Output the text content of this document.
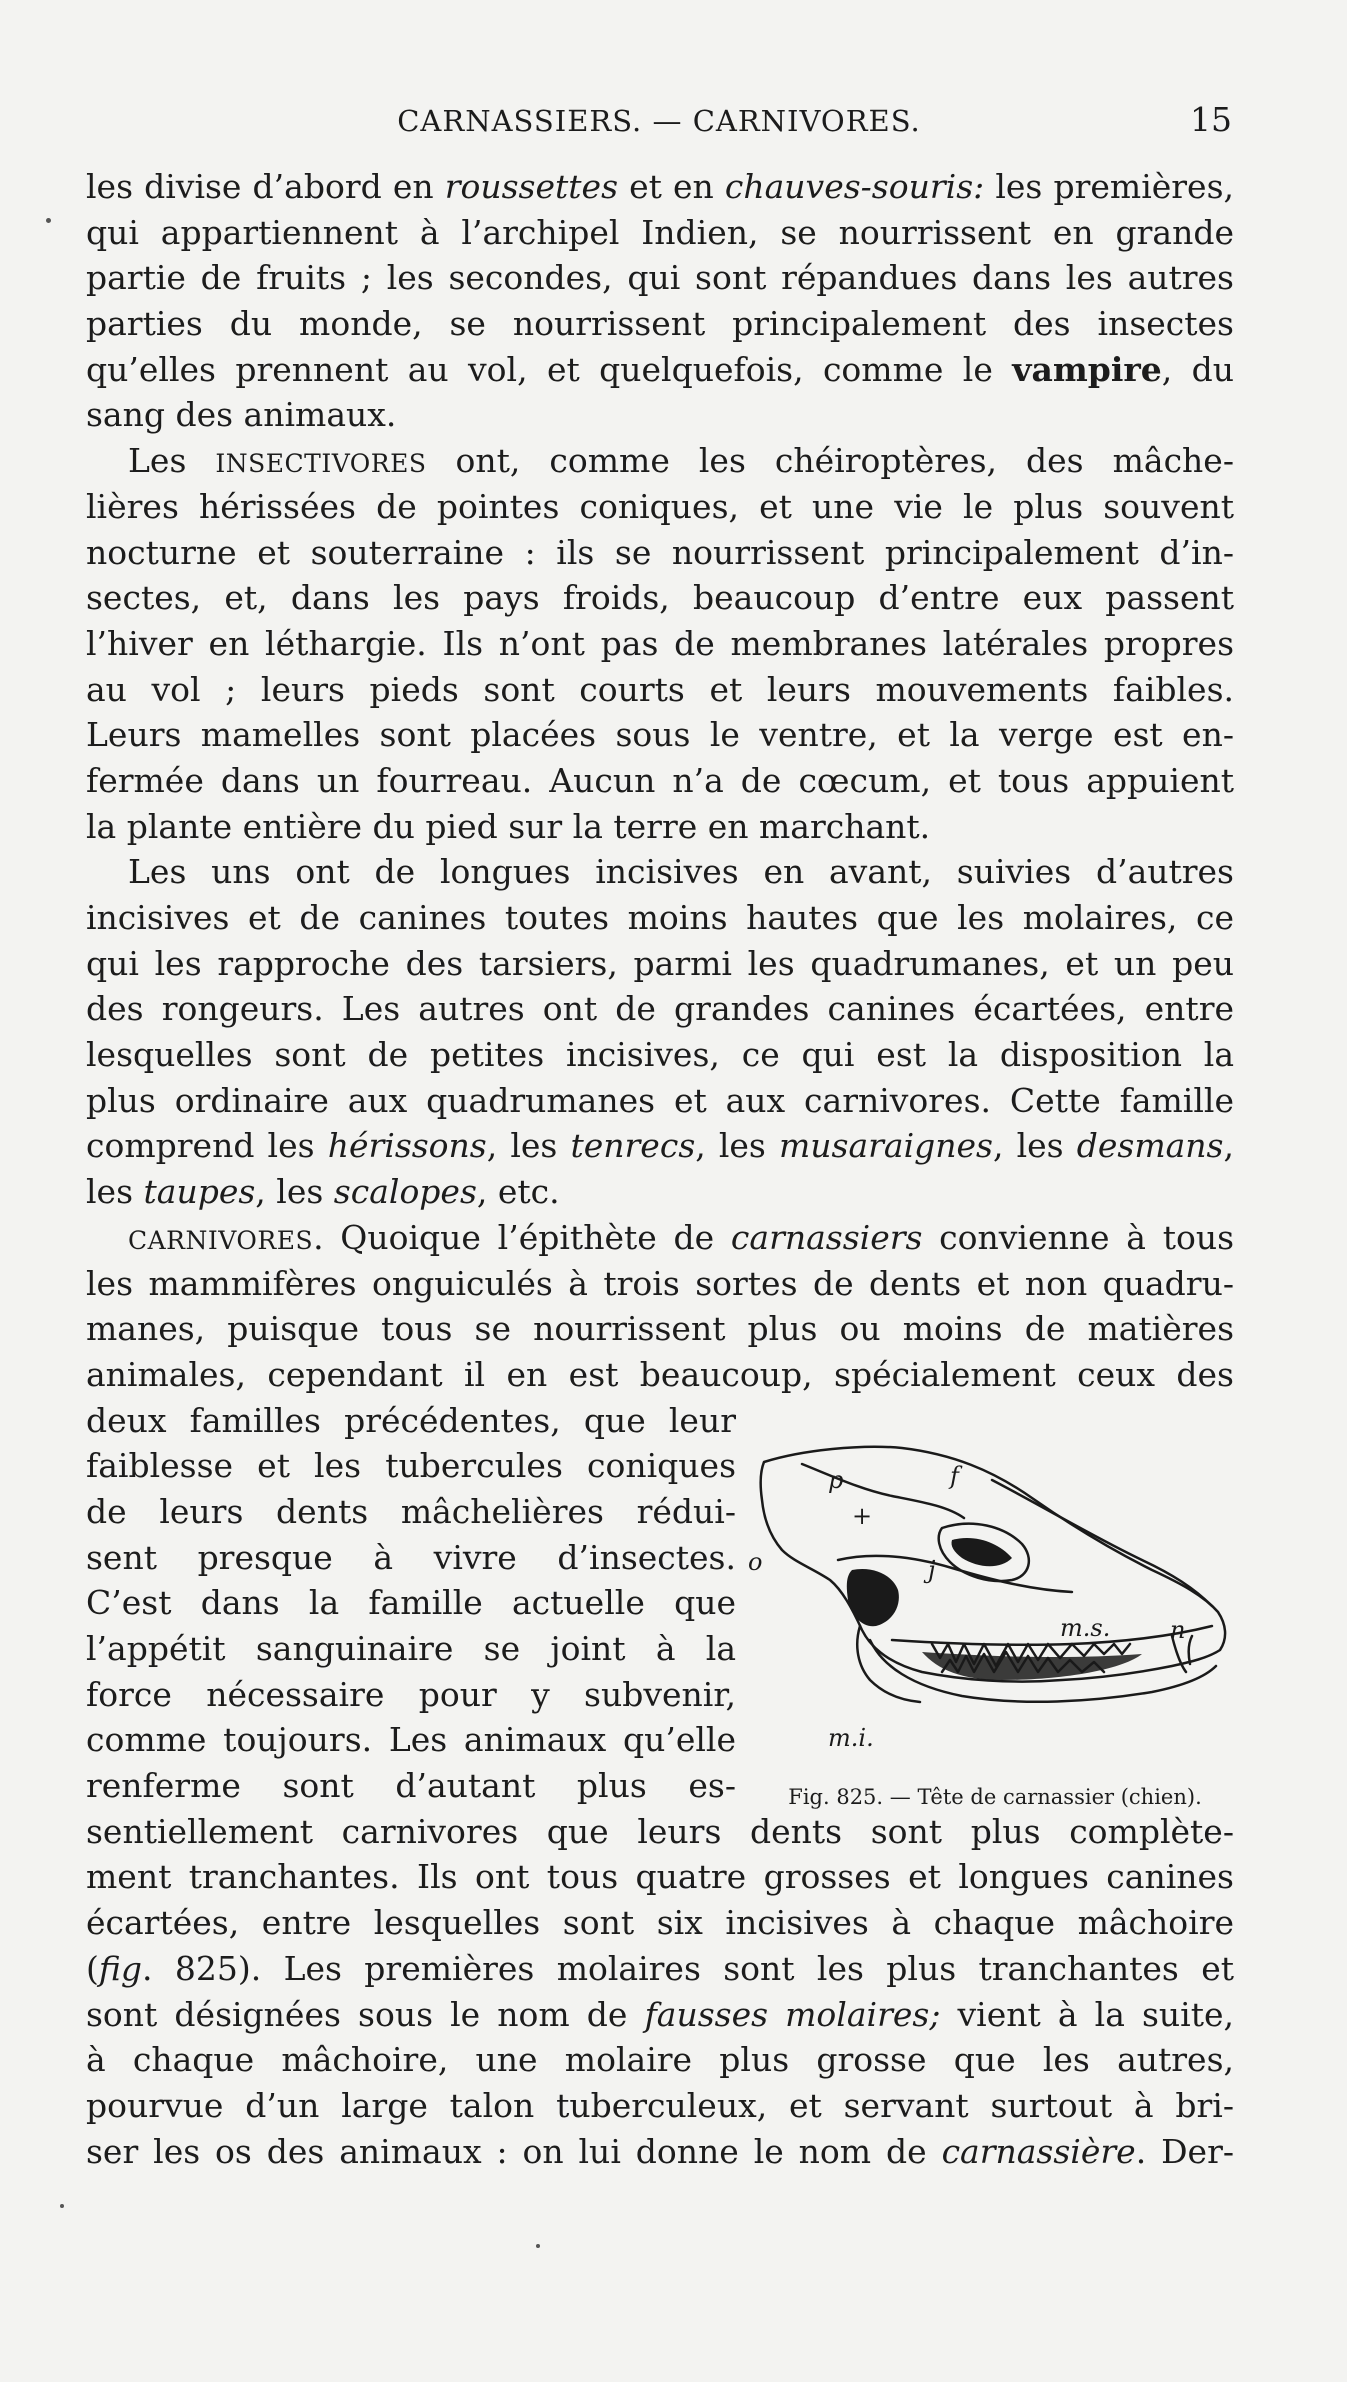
CARNASSIERS. — CARNIVORES.	15
les divise d’abord en roussettes et en chauves-souris: les premières,
qui appartiennent à l’archipel Indien, se nourrissent en grande
partie de fruits ; les secondes, qui sont répandues dans les autres
parties du monde, se nourrissent principalement des insectes
qu’elles prennent au vol, et quelquefois, comme le vampire, du
sang des animaux.
Les INSECTIVORES ont, comme les chéiroptères, des mâche-
lières hérissées de pointes coniques, et une vie le plus souvent
nocturne et souterraine : ils se nourrissent principalement d’in-
sectes, et, dans les pays froids, beaucoup d’entre eux passent
l’hiver en léthargie. Ils n’ont pas de membranes latérales propres
au vol ; leurs pieds sont courts et leurs mouvements faibles.
Leurs mamelles sont placées sous le ventre, et la verge est en-
fermée dans un fourreau. Aucun n’a de cœcum, et tous appuient
la plante entière du pied sur la terre en marchant.
Les uns ont de longues incisives en avant, suivies d’autres
incisives et de canines toutes moins hautes que les molaires, ce
qui les rapproche des tarsiers, parmi les quadrumanes, et un peu
des rongeurs. Les autres ont de grandes canines écartées, entre
lesquelles sont de petites incisives, ce qui est la disposition la
plus ordinaire aux quadrumanes et aux carnivores. Cette famille
comprend les hérissons, les tenrecs, les musaraignes, les desmans,
les taupes, les scalopes, etc.
CARNIVORES. Quoique l’épithète de carnassiers convienne à tous
les mammifères onguiculés à trois sortes de dents et non quadru-
manes, puisque tous se nourrissent plus ou moins de matières
animales, cependant il en est beaucoup, spécialement ceux des
deux familles précédentes, que leur
faiblesse et les tubercules coniques
de leurs dents mâchelières rédui-
sent presque à vivre d’insectes.
C’est dans la famille actuelle que
l’appétit sanguinaire se joint à la
force nécessaire pour y subvenir,
comme toujours. Les animaux qu’elle
renferme sont d’autant plus es-
sentiellement carnivores que leurs dents sont plus complète-
ment tranchantes. Ils ont tous quatre grosses et longues canines
écartées, entre lesquelles sont six incisives à chaque mâchoire
(fig. 825). Les premières molaires sont les plus tranchantes et
sont désignées sous le nom de fausses molaires; vient à la suite,
à chaque mâchoire, une molaire plus grosse que les autres,
pourvue d’un large talon tuberculeux, et servant surtout à bri-
ser les os des animaux : on lui donne le nom de carnassière. Der-
p	f
+
o	j
m.s. n
m.i.
Fig. 825. — Tête de carnassier (chien).
